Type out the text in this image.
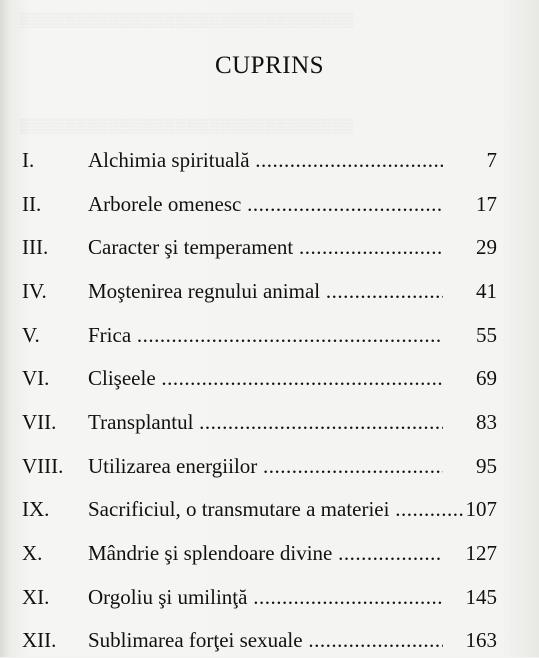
▒▒▒▒▒▒▒▒▒▒▒▒▒▒▒▒▒▒▒▒▒▒▒▒▒▒▒▒▒▒
▒▒▒▒▒▒▒▒▒▒▒▒▒▒▒▒▒▒▒▒▒▒▒▒▒▒▒▒▒▒
CUPRINS
I.	Alchimia spirituală .....	7
II. Arborele omenesc .....	17
III. Caracter şi temperament .....	29
IV. Moştenirea regnului animal .....	41
V. Frica .....	55
VI. Clişeele .....	69
VII. Transplantul .....	83
VIII. Utilizarea energiilor .....	95
IX. Sacrificiul, o transmutare a materiei .....	107
X. Mândrie şi splendoare divine .....	127
XI. Orgoliu şi umilinţă .....	145
XII. Sublimarea forţei sexuale .....	163
